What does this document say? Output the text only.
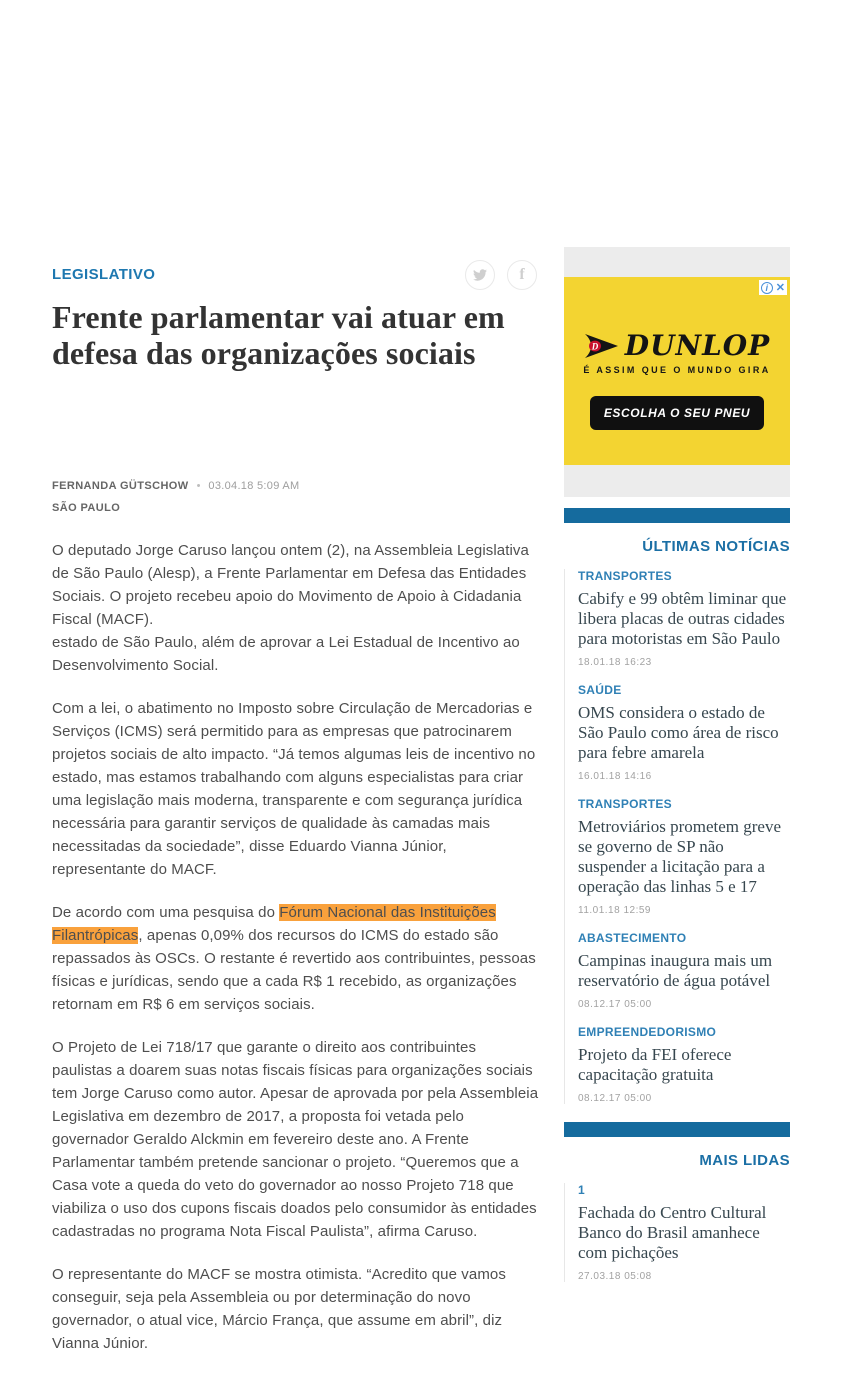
LEGISLATIVO	f
Frente parlamentar vai atuar em defesa das organizações sociais
FERNANDA GÜTSCHOW • 03.04.18 5:09 AM
SÃO PAULO

O deputado Jorge Caruso lançou ontem (2), na Assembleia Legislativa de São Paulo (Alesp), a Frente Parlamentar em Defesa das Entidades Sociais. O projeto recebeu apoio do Movimento de Apoio à Cidadania Fiscal (MACF).
estado de São Paulo, além de aprovar a Lei Estadual de Incentivo ao Desenvolvimento Social.

Com a lei, o abatimento no Imposto sobre Circulação de Mercadorias e Serviços (ICMS) será permitido para as empresas que patrocinarem projetos sociais de alto impacto. “Já temos algumas leis de incentivo no estado, mas estamos trabalhando com alguns especialistas para criar uma legislação mais moderna, transparente e com segurança jurídica necessária para garantir serviços de qualidade às camadas mais necessitadas da sociedade”, disse Eduardo Vianna Júnior, representante do MACF.

De acordo com uma pesquisa do Fórum Nacional das Instituições Filantrópicas, apenas 0,09% dos recursos do ICMS do estado são repassados às OSCs. O restante é revertido aos contribuintes, pessoas físicas e jurídicas, sendo que a cada R$ 1 recebido, as organizações retornam em R$ 6 em serviços sociais.

O Projeto de Lei 718/17 que garante o direito aos contribuintes paulistas a doarem suas notas fiscais físicas para organizações sociais tem Jorge Caruso como autor. Apesar de aprovada por pela Assembleia Legislativa em dezembro de 2017, a proposta foi vetada pelo governador Geraldo Alckmin em fevereiro deste ano. A Frente Parlamentar também pretende sancionar o projeto. “Queremos que a Casa vote a queda do veto do governador ao nosso Projeto 718 que viabiliza o uso dos cupons fiscais doados pelo consumidor às entidades cadastradas no programa Nota Fiscal Paulista”, afirma Caruso.

O representante do MACF se mostra otimista. “Acredito que vamos conseguir, seja pela Assembleia ou por determinação do novo governador, o atual vice, Márcio França, que assume em abril”, diz Vianna Júnior.

i ✕
D DUNLOP
É ASSIM QUE O MUNDO GIRA
ESCOLHA O SEU PNEU
ÚLTIMAS NOTÍCIAS
TRANSPORTES
Cabify e 99 obtêm liminar que libera placas de outras cidades para motoristas em São Paulo
18.01.18 16:23
SAÚDE
OMS considera o estado de São Paulo como área de risco para febre amarela
16.01.18 14:16
TRANSPORTES
Metroviários prometem greve se governo de SP não suspender a licitação para a operação das linhas 5 e 17
11.01.18 12:59
ABASTECIMENTO
Campinas inaugura mais um reservatório de água potável
08.12.17 05:00
EMPREENDEDORISMO
Projeto da FEI oferece capacitação gratuita
08.12.17 05:00
MAIS LIDAS
1
Fachada do Centro Cultural Banco do Brasil amanhece com pichações
27.03.18 05:08
